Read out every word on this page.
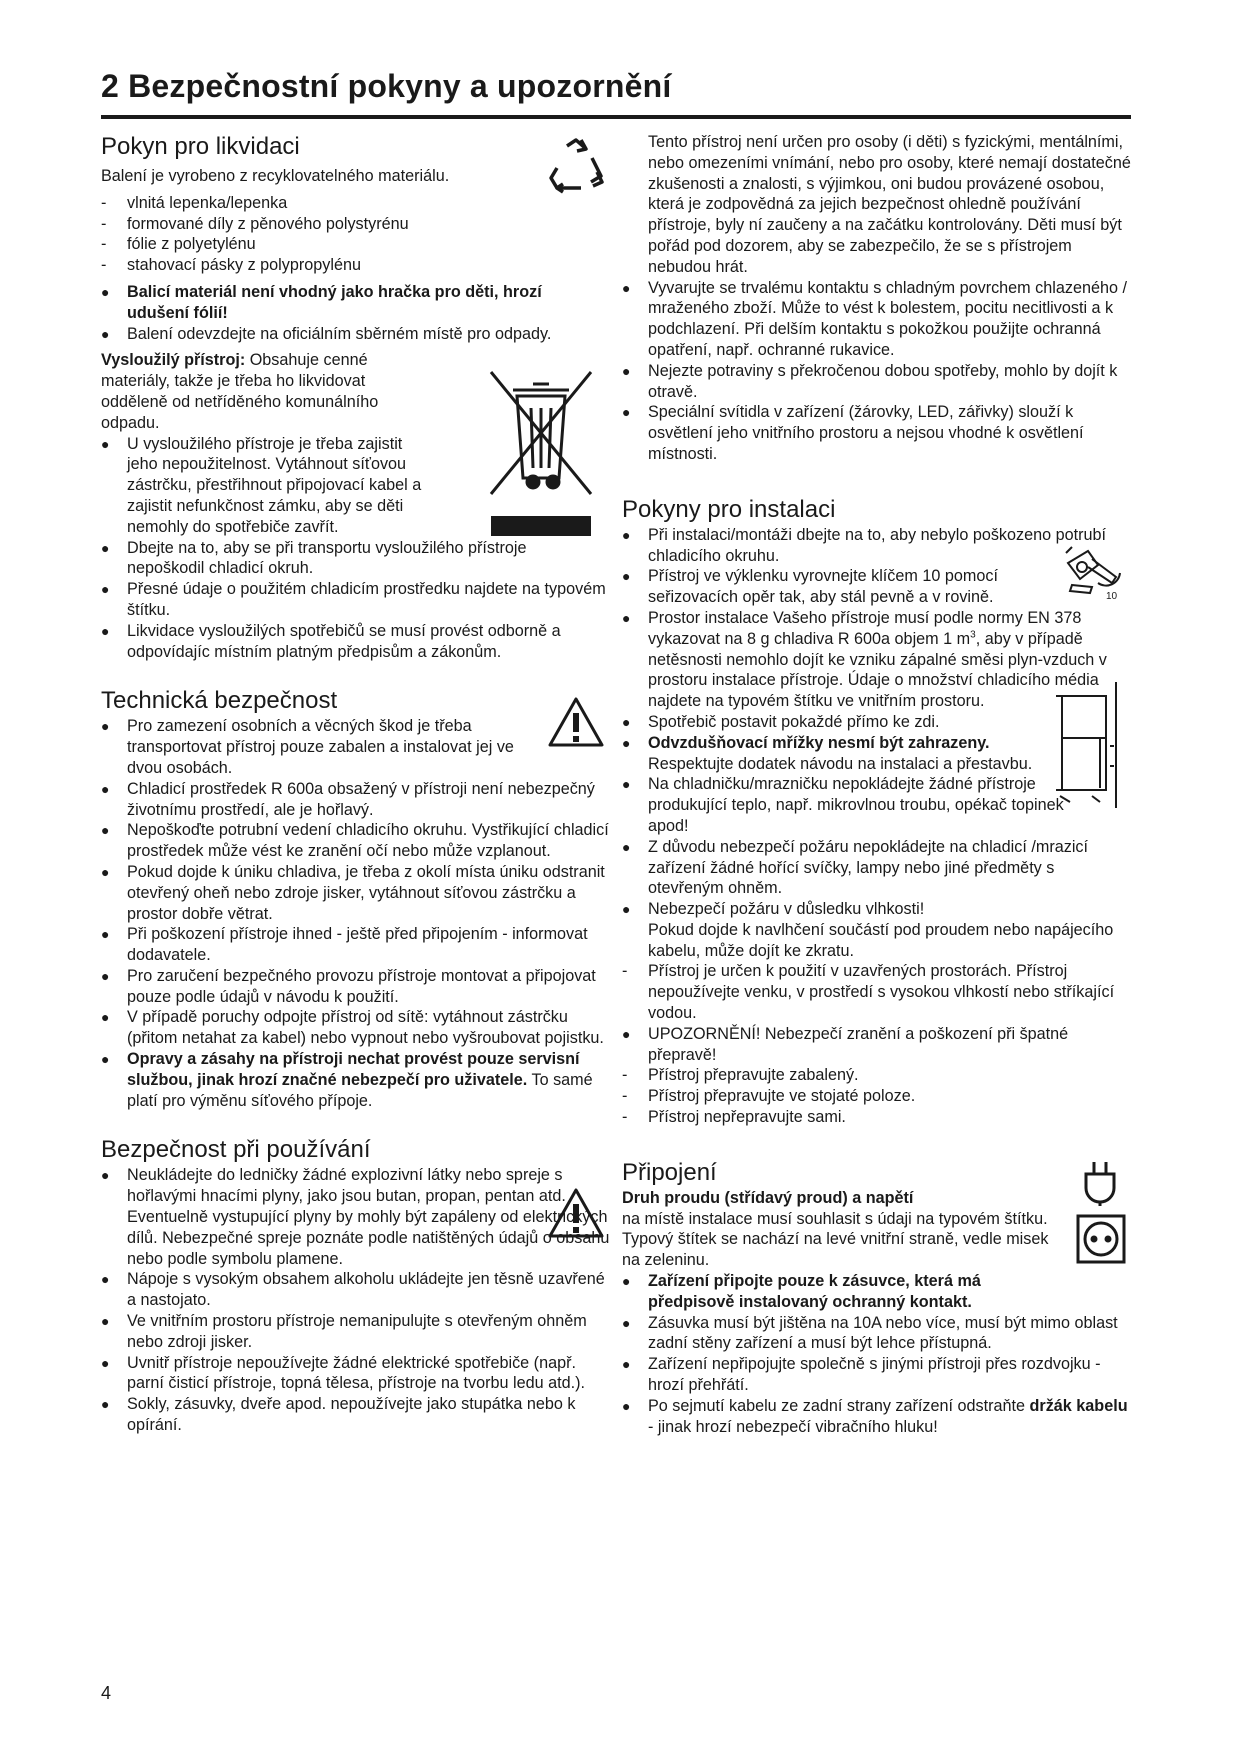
2 Bezpečnostní pokyny a upozornění
10
Pokyn pro likvidaci

Balení je vyrobeno z recyklovatelného materiálu.

- vlnitá lepenka/lepenka

- formované díly z pěnového polystyrénu

- fólie z polyetylénu

- stahovací pásky z polypropylénu

● Balicí materiál není vhodný jako hračka pro děti, hrozí udušení fólií!

● Balení odevzdejte na oficiálním sběrném místě pro odpady.

Vysloužilý přístroj: Obsahuje cenné materiály, takže je třeba ho likvidovat odděleně od netříděného komunálního odpadu.

● U vysloužilého přístroje je třeba zajistit jeho nepoužitelnost. Vytáhnout síťovou zástrčku, přestřihnout připojovací kabel a zajistit nefunkčnost zámku, aby se děti nemohly do spotřebiče zavřít.

● Dbejte na to, aby se při transportu vysloužilého přístroje nepoškodil chladicí okruh.

● Přesné údaje o použitém chladicím prostředku najdete na typovém štítku.

● Likvidace vysloužilých spotřebičů se musí provést odborně a odpovídajíc místním platným předpisům a zákonům.

Technická bezpečnost

● Pro zamezení osobních a věcných škod je třeba transportovat přístroj pouze zabalen a instalovat jej ve dvou osobách.

● Chladicí prostředek R 600a obsažený v přístroji není nebezpečný životnímu prostředí, ale je hořlavý.

● Nepoškoďte potrubní vedení chladicího okruhu. Vystřikující chladicí prostředek může vést ke zranění očí nebo může vzplanout.

● Pokud dojde k úniku chladiva, je třeba z okolí místa úniku odstranit otevřený oheň nebo zdroje jisker, vytáhnout síťovou zástrčku a prostor dobře větrat.

● Při poškození přístroje ihned - ještě před připojením - informovat dodavatele.

● Pro zaručení bezpečného provozu přístroje montovat a připojovat pouze podle údajů v návodu k použití.

● V případě poruchy odpojte přístroj od sítě: vytáhnout zástrčku (přitom netahat za kabel) nebo vypnout nebo vyšroubovat pojistku.

● Opravy a zásahy na přístroji nechat provést pouze servisní službou, jinak hrozí značné nebezpečí pro uživatele. To samé platí pro výměnu síťového přípoje.

Bezpečnost při používání

● Neukládejte do ledničky žádné explozivní látky nebo spreje s hořlavými hnacími plyny, jako jsou butan, propan, pentan atd. Eventuelně vystupující plyny by mohly být zapáleny od elektrických dílů. Nebezpečné spreje poznáte podle natištěných údajů o obsahu nebo podle symbolu plamene.

● Nápoje s vysokým obsahem alkoholu ukládejte jen těsně uzavřené a nastojato.

● Ve vnitřním prostoru přístroje nemanipulujte s otevřeným ohněm nebo zdroji jisker.

● Uvnitř přístroje nepoužívejte žádné elektrické spotřebiče (např. parní čisticí přístroje, topná tělesa, přístroje na tvorbu ledu atd.).

● Sokly, zásuvky, dveře apod. nepoužívejte jako stupátka nebo k opírání.

Tento přístroj není určen pro osoby (i děti) s fyzickými, mentálními, nebo omezeními vnímání, nebo pro osoby, které nemají dostatečné zkušenosti a znalosti, s výjimkou, oni budou provázené osobou, která je zodpovědná za jejich bezpečnost ohledně používání přístroje, byly ní zaučeny a na začátku kontrolovány. Děti musí být pořád pod dozorem, aby se zabezpečilo, že se s přístrojem nebudou hrát.

● Vyvarujte se trvalému kontaktu s chladným povrchem chlazeného / mraženého zboží. Může to vést k bolestem, pocitu necitlivosti a k podchlazení. Při delším kontaktu s pokožkou použijte ochranná opatření, např. ochranné rukavice.

● Nejezte potraviny s překročenou dobou spotřeby, mohlo by dojít k otravě.

● Speciální svítidla v zařízení (žárovky, LED, zářivky) slouží k osvětlení jeho vnitřního prostoru a nejsou vhodné k osvětlení místnosti.

Pokyny pro instalaci

● Při instalaci/montáži dbejte na to, aby nebylo poškozeno potrubí chladicího okruhu.

● Přístroj ve výklenku vyrovnejte klíčem 10 pomocí seřizovacích opěr tak, aby stál pevně a v rovině.

● Prostor instalace Vašeho přístroje musí podle normy EN 378 vykazovat na 8 g chladiva R 600a objem 1 $m^3$, aby v případě netěsnosti nemohlo dojít ke vzniku zápalné směsi plyn-vzduch v prostoru instalace přístroje. Údaje o množství chladicího média najdete na typovém štítku ve vnitřním prostoru.

● Spotřebič postavit pokaždé přímo ke zdi.

● Odvzdušňovací mřížky nesmí být zahrazeny. Respektujte dodatek návodu na instalaci a přestavbu.

● Na chladničku/mrazničku nepokládejte žádné přístroje produkující teplo, např. mikrovlnou troubu, opékač topinek apod!

● Z důvodu nebezpečí požáru nepokládejte na chladicí /mrazicí zařízení žádné hořící svíčky, lampy nebo jiné předměty s otevřeným ohněm.

● Nebezpečí požáru v důsledku vlhkosti!

Pokud dojde k navlhčení součástí pod proudem nebo napájecího kabelu, může dojít ke zkratu.

- Přístroj je určen k použití v uzavřených prostorách. Přístroj nepoužívejte venku, v prostředí s vysokou vlhkostí nebo stříkající vodou.

● UPOZORNĚNÍ! Nebezpečí zranění a poškození při špatné přepravě!

- Přístroj přepravujte zabalený.

- Přístroj přepravujte ve stojaté poloze.

- Přístroj nepřepravujte sami.

Připojení

Druh proudu (střídavý proud) a napětí

na místě instalace musí souhlasit s údaji na typovém štítku. Typový štítek se nachází na levé vnitřní straně, vedle misek na zeleninu.

● Zařízení připojte pouze k zásuvce, která má předpisově instalovaný ochranný kontakt.

● Zásuvka musí být jištěna na 10A nebo více, musí být mimo oblast zadní stěny zařízení a musí být lehce přístupná.

● Zařízení nepřipojujte společně s jinými přístroji přes rozdvojku - hrozí přehřátí.

● Po sejmutí kabelu ze zadní strany zařízení odstraňte držák kabelu - jinak hrozí nebezpečí vibračního hluku!

4
